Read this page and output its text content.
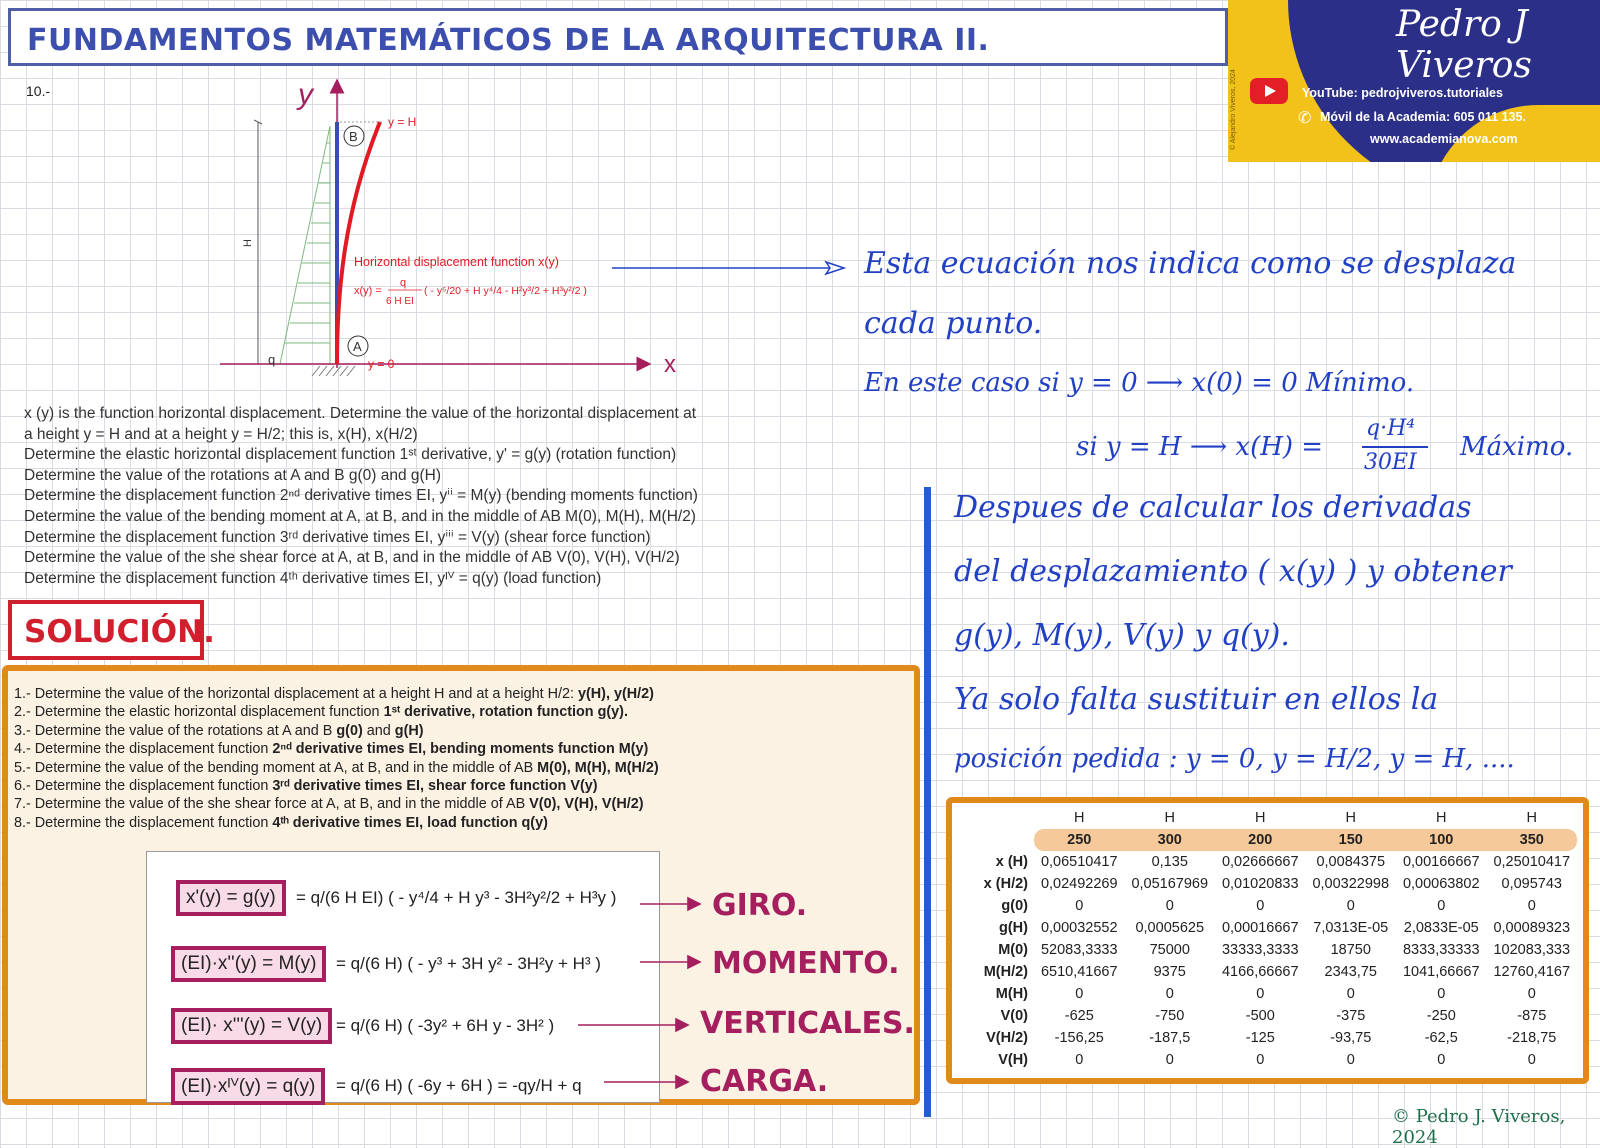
FUNDAMENTOS MATEMÁTICOS DE LA ARQUITECTURA II.
© Alejandro Viveros, 2024
Pedro J Viveros
YouTube: pedrojviveros.tutoriales
✆ Móvil de la Academia: 605 011 135.
www.academianova.com
10.-
H
y
x
y = H
y = 0
B
A
q
Horizontal displacement function x(y)
x(y) =
q
6 H EI
( - y⁵/20 + H y⁴/4 - H²y³/2 + H³y²/2 )
x (y) is the function horizontal displacement. Determine the value of the horizontal displacement at
a height y = H and at a height y = H/2; this is, x(H), x(H/2)
Determine the elastic horizontal displacement function 1ˢᵗ derivative, y' = g(y) (rotation function)
Determine the value of the rotations at A and B g(0) and g(H)
Determine the displacement function 2ⁿᵈ derivative times EI, yⁱⁱ = M(y) (bending moments function)
Determine the value of the bending moment at A, at B, and in the middle of AB M(0), M(H), M(H/2)
Determine the displacement function 3ʳᵈ derivative times EI, yⁱⁱⁱ = V(y) (shear force function)
Determine the value of the she shear force at A, at B, and in the middle of AB V(0), V(H), V(H/2)
Determine the displacement function 4ᵗʰ derivative times EI, yᴵⱽ = q(y) (load function)
SOLUCIÓN.
1.- Determine the value of the horizontal displacement at a height H and at a height H/2: y(H), y(H/2)
2.- Determine the elastic horizontal displacement function 1ˢᵗ derivative, rotation function g(y).
3.- Determine the value of the rotations at A and B g(0) and g(H)
4.- Determine the displacement function 2ⁿᵈ derivative times EI, bending moments function M(y)
5.- Determine the value of the bending moment at A, at B, and in the middle of AB M(0), M(H), M(H/2)
6.- Determine the displacement function 3ʳᵈ derivative times EI, shear force function V(y)
7.- Determine the value of the she shear force at A, at B, and in the middle of AB V(0), V(H), V(H/2)
8.- Determine the displacement function 4ᵗʰ derivative times EI, load function q(y)
x'(y) = g(y)	= q/(6 H EI) ( - y⁴/4 + H y³ - 3H²y²/2 + H³y )	GIRO.
(EI)·x''(y) = M(y)	= q/(6 H) ( - y³ + 3H y² - 3H²y + H³ )	MOMENTO.
(EI)· x'''(y) = V(y) = q/(6 H) ( -3y² + 6H y - 3H² )	VERTICALES.
(EI)·xᴵⱽ(y) = q(y)	= q/(6 H) ( -6y + 6H ) = -qy/H + q	CARGA.
Esta ecuación nos indica como se desplaza
cada punto.
En este caso si y = 0 ⟶ x(0) = 0 Mínimo.
si y = H ⟶ x(H) =
q·H⁴
30EI
Máximo.
Despues de calcular los derivadas
del desplazamiento ( x(y) ) y obtener
g(y), M(y), V(y) y q(y).
Ya solo falta sustituir en ellos la
posición pedida : y = 0, y = H/2, y = H, ....
	H	H	H	H	H	H
	250	300	200	150	100	350
x (H)	0,06510417	0,135	0,02666667	0,0084375	0,00166667	0,25010417
x (H/2)	0,02492269	0,05167969	0,01020833	0,00322998	0,00063802	0,095743
g(0)	0	0	0	0	0	0
g(H)	0,00032552	0,0005625	0,00016667	7,0313E-05	2,0833E-05	0,00089323
M(0)	52083,3333	75000	33333,3333	18750	8333,33333	102083,333
M(H/2)	6510,41667	9375	4166,66667	2343,75	1041,66667	12760,4167
M(H)	0	0	0	0	0	0
V(0)	-625	-750	-500	-375	-250	-875
V(H/2)	-156,25	-187,5	-125	-93,75	-62,5	-218,75
V(H)	0	0	0	0	0	0
© Pedro J. Viveros, 2024
